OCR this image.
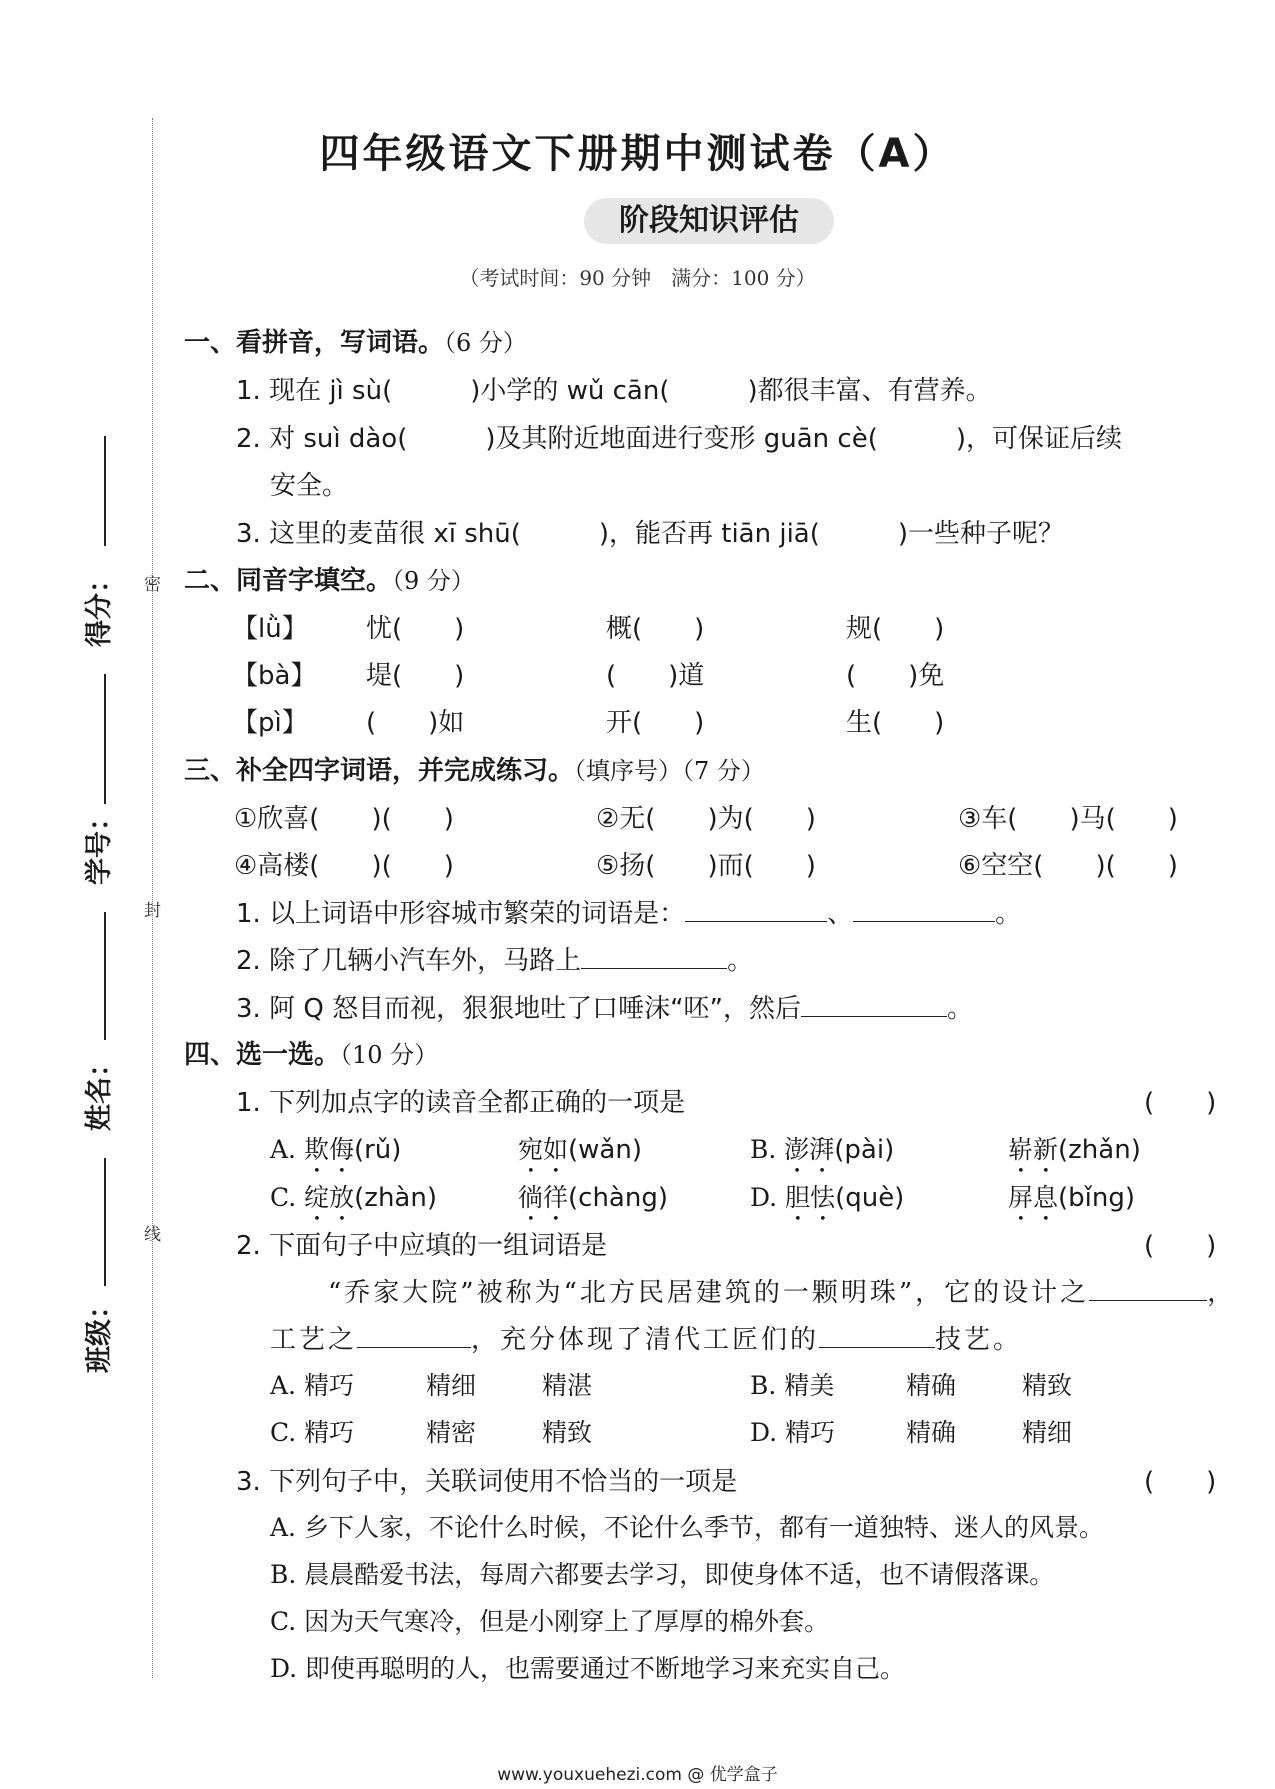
密
封
线
得分：
学号：
姓名：
班级：
四年级语文下册期中测试卷（A）
阶段知识评估
（考试时间：90 分钟　满分：100 分）
一、看拼音，写词语。（6 分）
1. 现在 jì sù(　　　)小学的 wǔ cān(　　　)都很丰富、有营养。
2. 对 suì dào(　　　)及其附近地面进行变形 guān cè(　　　)，可保证后续
安全。
3. 这里的麦苗很 xī shū(　　　)，能否再 tiān jiā(　　　)一些种子呢？
二、同音字填空。（9 分）
【lǜ】 忧(　　)	概(　　)	规(　　)
【bà】 堤(　　)	(　　)道	(　　)免
【pì】 (　　)如	开(　　)	生(　　)
三、补全四字词语，并完成练习。（填序号）（7 分）
①欣喜(　　)(　　)	②无(　　)为(　　)	③车(　　)马(　　)
④高楼(　　)(　　)	⑤扬(　　)而(　　)	⑥空空(　　)(　　)
1. 以上词语中形容城市繁荣的词语是：	、	。
2. 除了几辆小汽车外，马路上	。
3. 阿 Q 怒目而视，狠狠地吐了口唾沫“呸”，然后	。
四、选一选。（10 分）
1. 下列加点字的读音全都正确的一项是	(　　)
A. 欺侮(rǔ)	宛如(wǎn)	B. 澎湃(pài)	崭新(zhǎn)
C. 绽放(zhàn)	徜徉(chàng)	D. 胆怯(què)	屏息(bǐng)
2. 下面句子中应填的一组词语是	(　　)
“乔家大院”被称为“北方民居建筑的一颗明珠”，它的设计之	，
工艺之	，充分体现了清代工匠们的	技艺。
A. 精巧	精细	精湛	B. 精美	精确	精致
C. 精巧	精密	精致	D. 精巧	精确	精细
3. 下列句子中，关联词使用不恰当的一项是	(　　)
A. 乡下人家，不论什么时候，不论什么季节，都有一道独特、迷人的风景。
B. 晨晨酷爱书法，每周六都要去学习，即使身体不适，也不请假落课。
C. 因为天气寒冷，但是小刚穿上了厚厚的棉外套。
D. 即使再聪明的人，也需要通过不断地学习来充实自己。
www.youxuehezi.com @ 优学盒子
